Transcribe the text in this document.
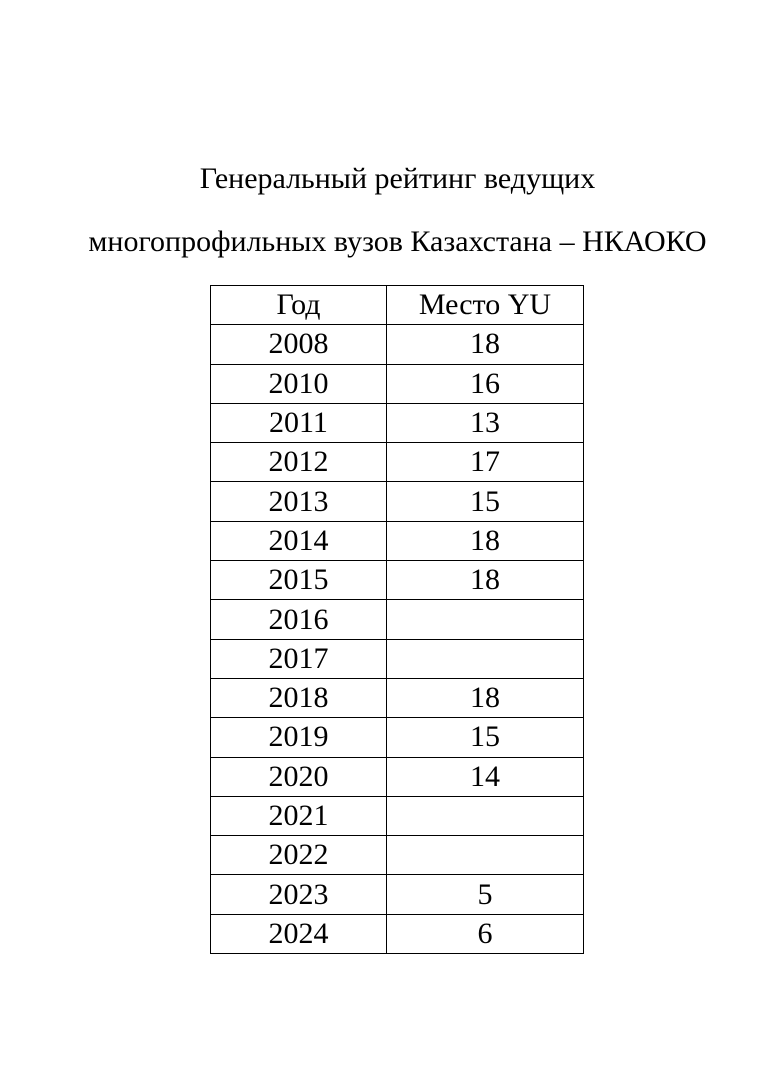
Генеральный рейтинг ведущих
многопрофильных вузов Казахстана – НКАОКО
Год	Место YU
2008	18
2010	16
2011	13
2012	17
2013	15
2014	18
2015	18
2016	
2017	
2018	18
2019	15
2020	14
2021	
2022	
2023	5
2024	6
